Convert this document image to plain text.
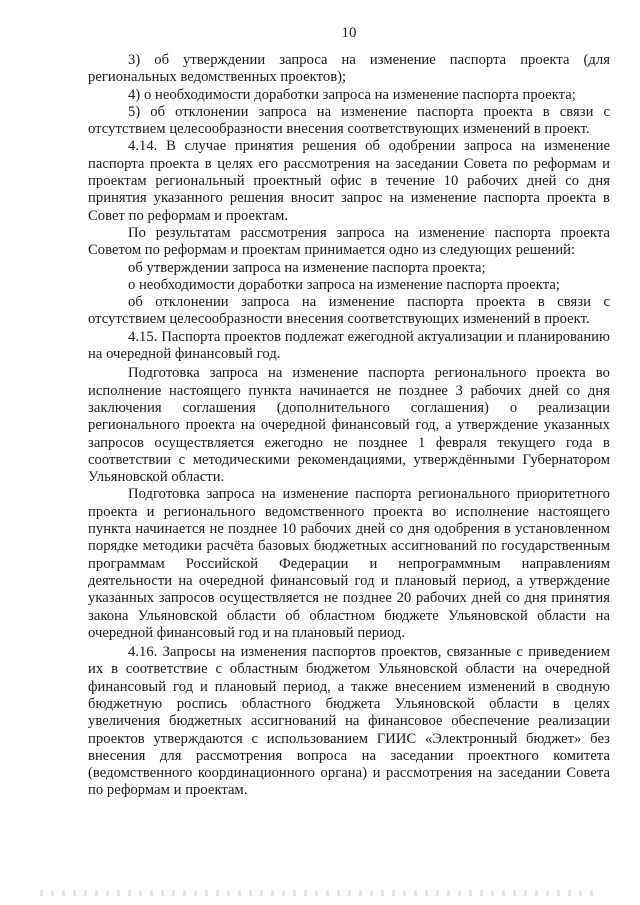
10

3) об утверждении запроса на изменение паспорта проекта (для региональных ведомственных проектов);

4) о необходимости доработки запроса на изменение паспорта проекта;

5) об отклонении запроса на изменение паспорта проекта в связи с отсутствием целесообразности внесения соответствующих изменений в проект.

4.14. В случае принятия решения об одобрении запроса на изменение паспорта проекта в целях его рассмотрения на заседании Совета по реформам и проектам региональный проектный офис в течение 10 рабочих дней со дня принятия указанного решения вносит запрос на изменение паспорта проекта в Совет по реформам и проектам.

По результатам рассмотрения запроса на изменение паспорта проекта Советом по реформам и проектам принимается одно из следующих решений:

об утверждении запроса на изменение паспорта проекта;

о необходимости доработки запроса на изменение паспорта проекта;

об отклонении запроса на изменение паспорта проекта в связи с отсутствием целесообразности внесения соответствующих изменений в проект.

4.15. Паспорта проектов подлежат ежегодной актуализации и планированию на очередной финансовый год.

Подготовка запроса на изменение паспорта регионального проекта во исполнение настоящего пункта начинается не позднее 3 рабочих дней со дня заключения соглашения (дополнительного соглашения) о реализации регионального проекта на очередной финансовый год, а утверждение указанных запросов осуществляется ежегодно не позднее 1 февраля текущего года в соответствии с методическими рекомендациями, утверждёнными Губернатором Ульяновской области.

Подготовка запроса на изменение паспорта регионального приоритетного проекта и регионального ведомственного проекта во исполнение настоящего пункта начинается не позднее 10 рабочих дней со дня одобрения в установленном порядке методики расчёта базовых бюджетных ассигнований по государственным программам Российской Федерации и непрограммным направлениям деятельности на очередной финансовый год и плановый период, а утверждение указанных запросов осуществляется не позднее 20 рабочих дней со дня принятия закона Ульяновской области об областном бюджете Ульяновской области на очередной финансовый год и на плановый период.

4.16. Запросы на изменения паспортов проектов, связанные с приведением их в соответствие с областным бюджетом Ульяновской области на очередной финансовый год и плановый период, а также внесением изменений в сводную бюджетную роспись областного бюджета Ульяновской области в целях увеличения бюджетных ассигнований на финансовое обеспечение реализации проектов утверждаются с использованием ГИИС «Электронный бюджет» без внесения для рассмотрения вопроса на заседании проектного комитета (ведомственного координационного органа) и рассмотрения на заседании Совета по реформам и проектам.
